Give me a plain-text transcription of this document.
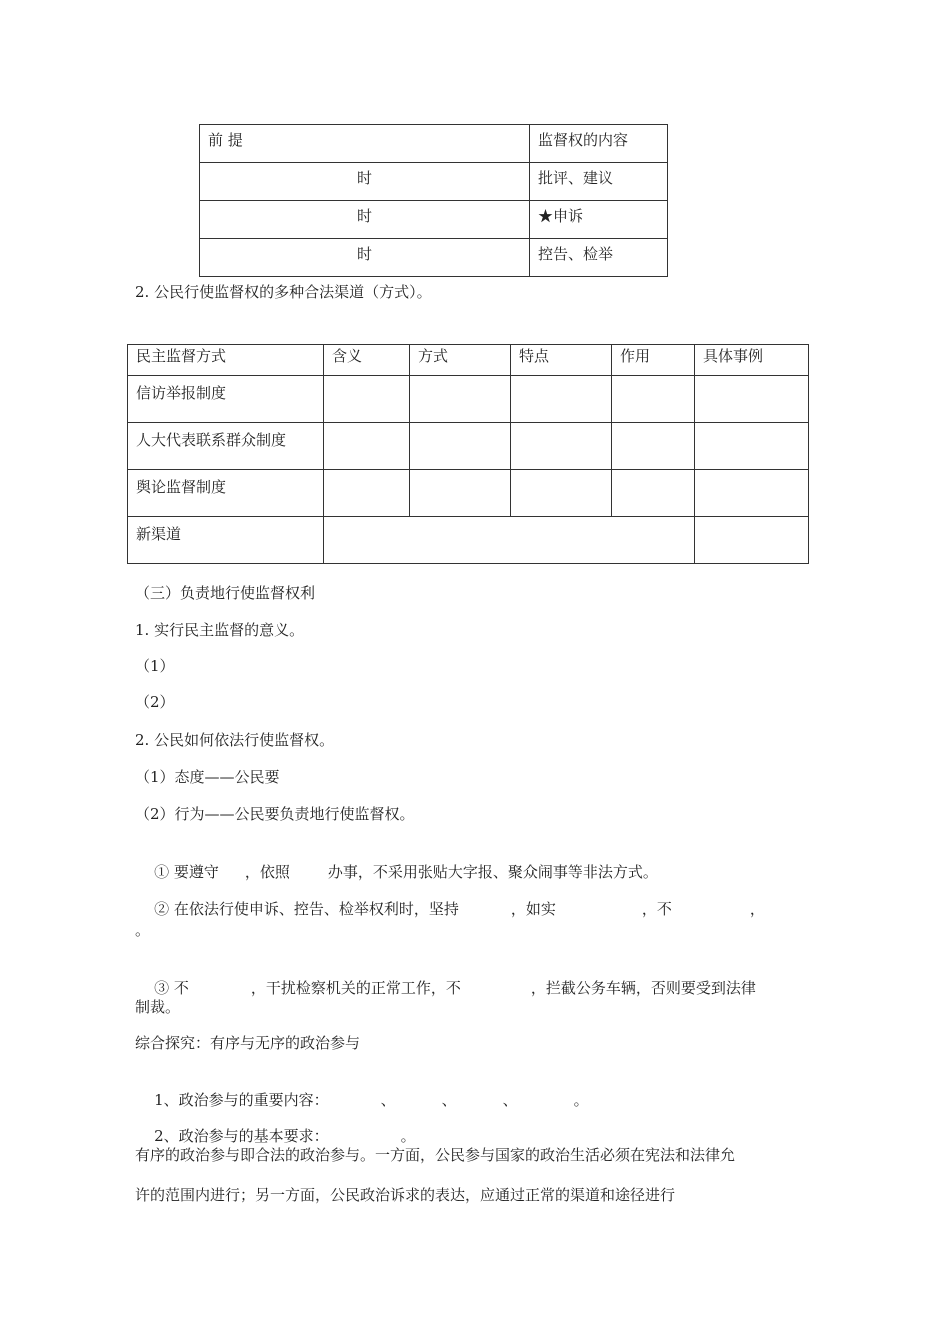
前 提	监督权的内容
时	批评、建议
时	★申诉
时	控告、检举
2. 公民行使监督权的多种合法渠道（方式）。
民主监督方式	含义	方式	特点	作用	具体事例
信访举报制度					
人大代表联系群众制度					
舆论监督制度					
新渠道					
（三）负责地行使监督权利
1. 实行民主监督的意义。
（1）
（2）
2. 公民如何依法行使监督权。
（1）态度——公民要
（2）行为——公民要负责地行使监督权。

① 要遵守 ，依照	办事，不采用张贴大字报、聚众闹事等非法方式。

② 在依法行使申诉、控告、检举权利时，坚持	，如实	，不	，

。

③ 不	，干扰检察机关的正常工作，不	，拦截公务车辆，否则要受到法律

制裁。
综合探究：有序与无序的政治参与

1、政治参与的重要内容：	、	、	、	。

2、政治参与的基本要求：	。

有序的政治参与即合法的政治参与。一方面，公民参与国家的政治生活必须在宪法和法律允
许的范围内进行；另一方面，公民政治诉求的表达，应通过正常的渠道和途径进行
